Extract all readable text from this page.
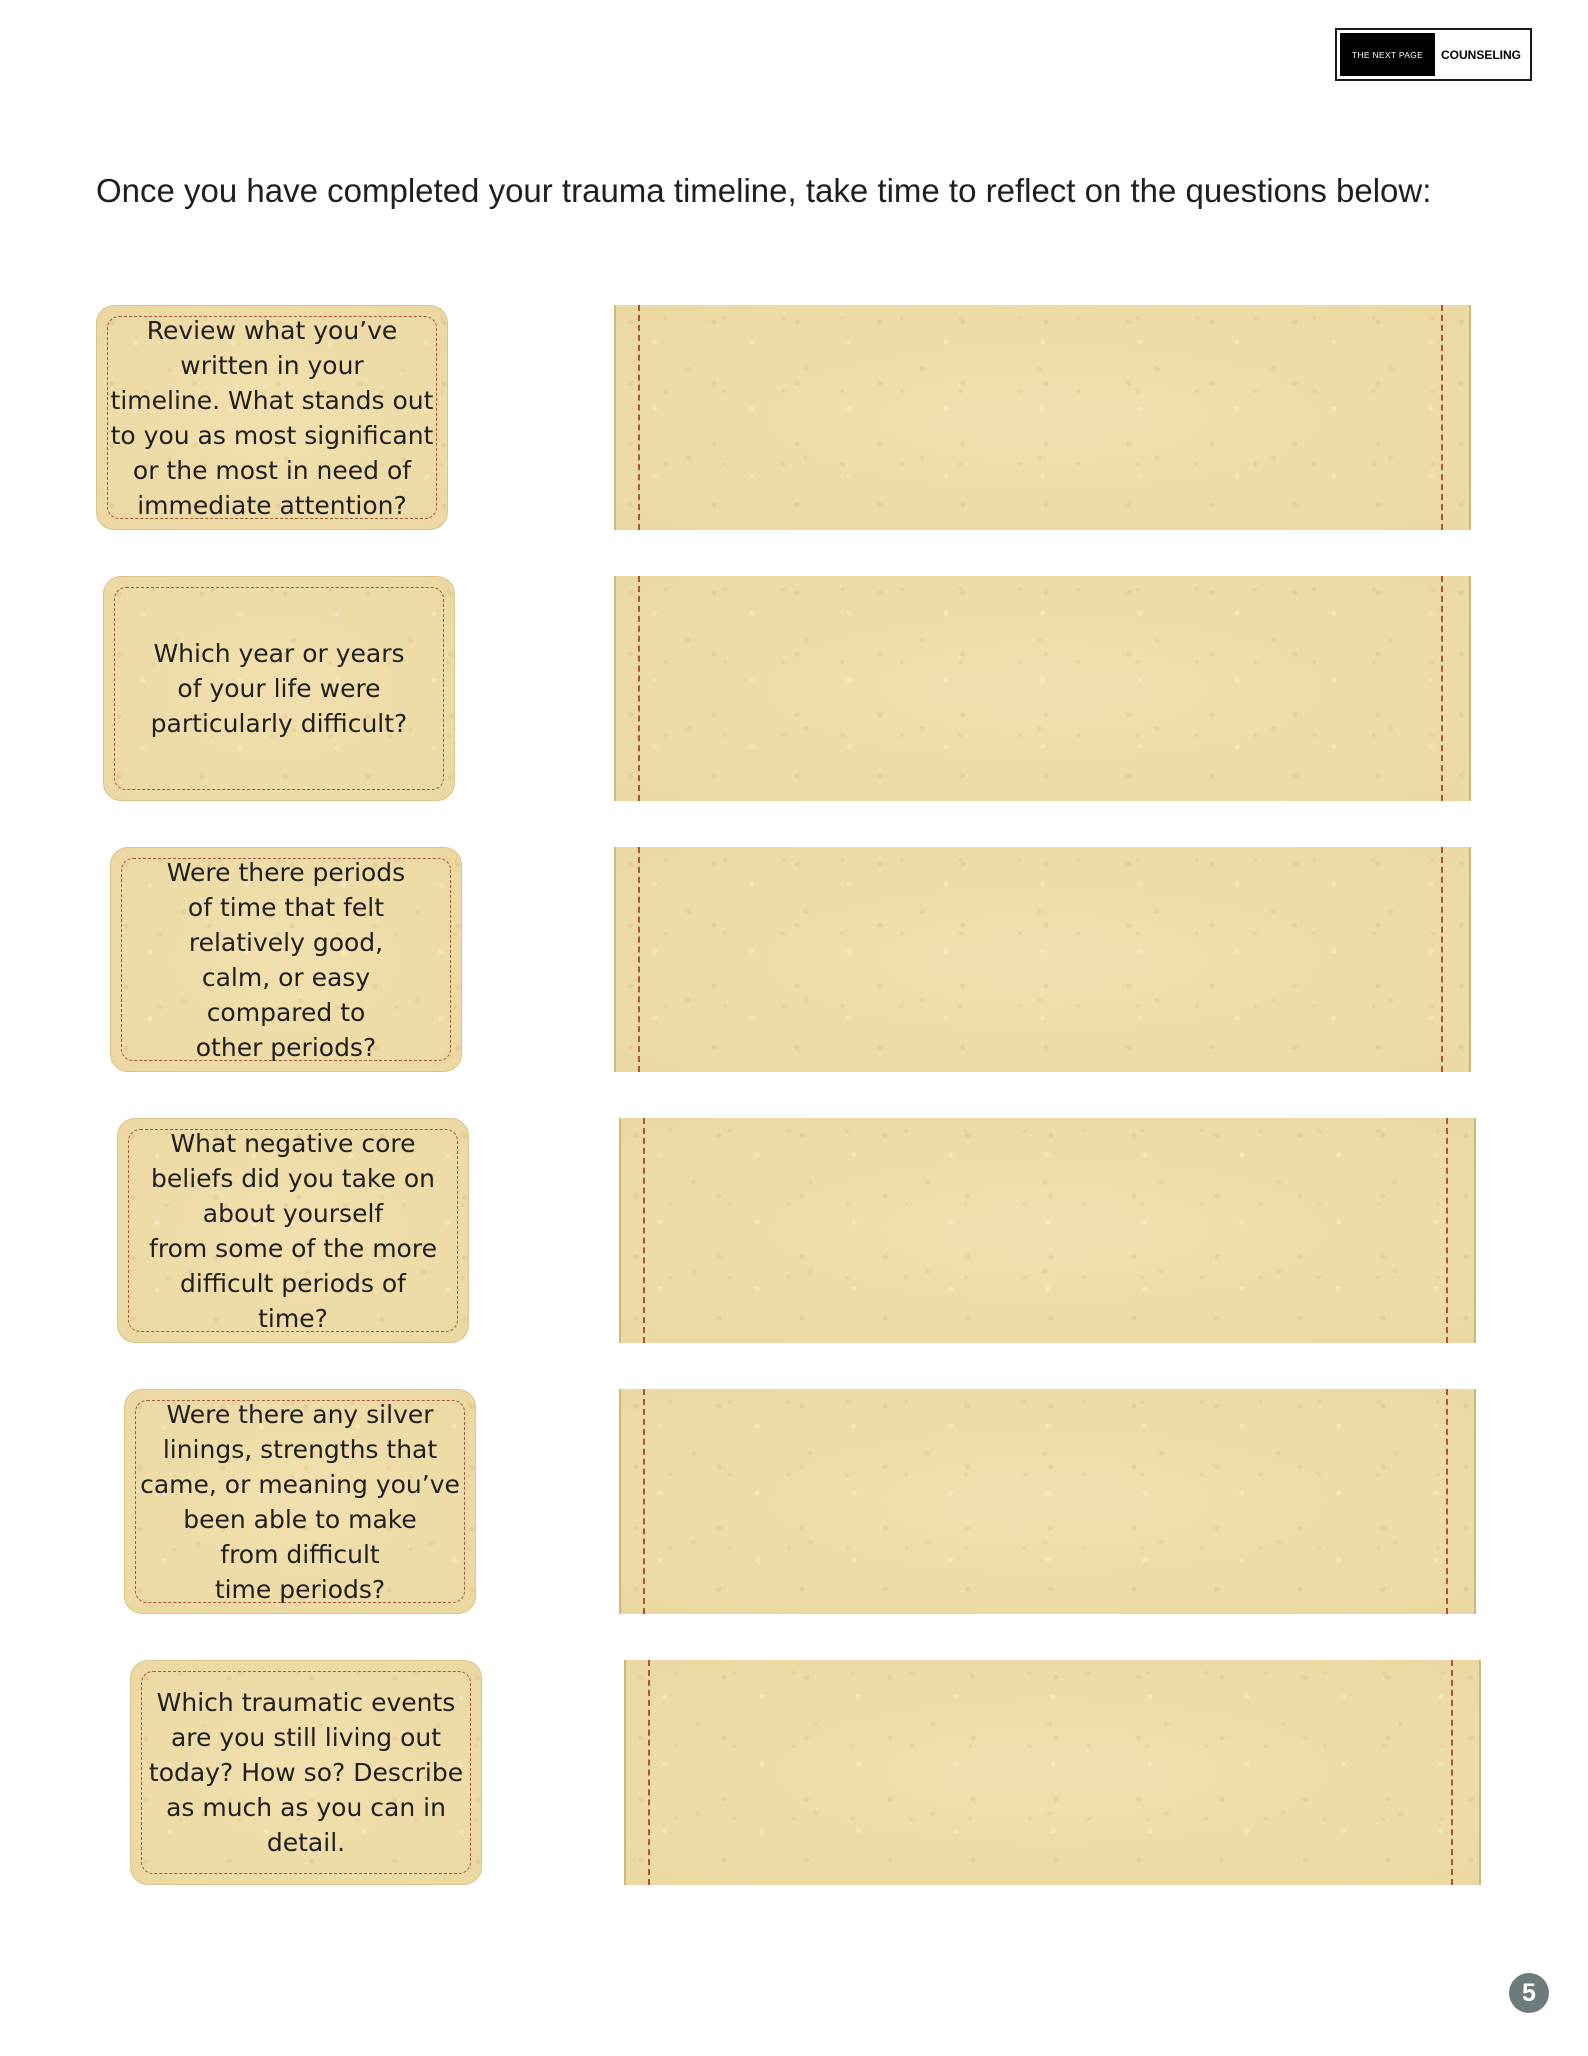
THE NEXT PAGE	COUNSELING

Once you have completed your trauma timeline, take time to reflect on the questions below:

Review what you’ve
written in your
timeline. What stands out
to you as most significant
or the most in need of
immediate attention?
Which year or years
of your life were
particularly difficult?
Were there periods
of time that felt
relatively good,
calm, or easy
compared to
other periods?
What negative core
beliefs did you take on
about yourself
from some of the more
difficult periods of
time?
Were there any silver
linings, strengths that
came, or meaning you’ve
been able to make
from difficult
time periods?
Which traumatic events
are you still living out
today? How so? Describe
as much as you can in
detail.
5
